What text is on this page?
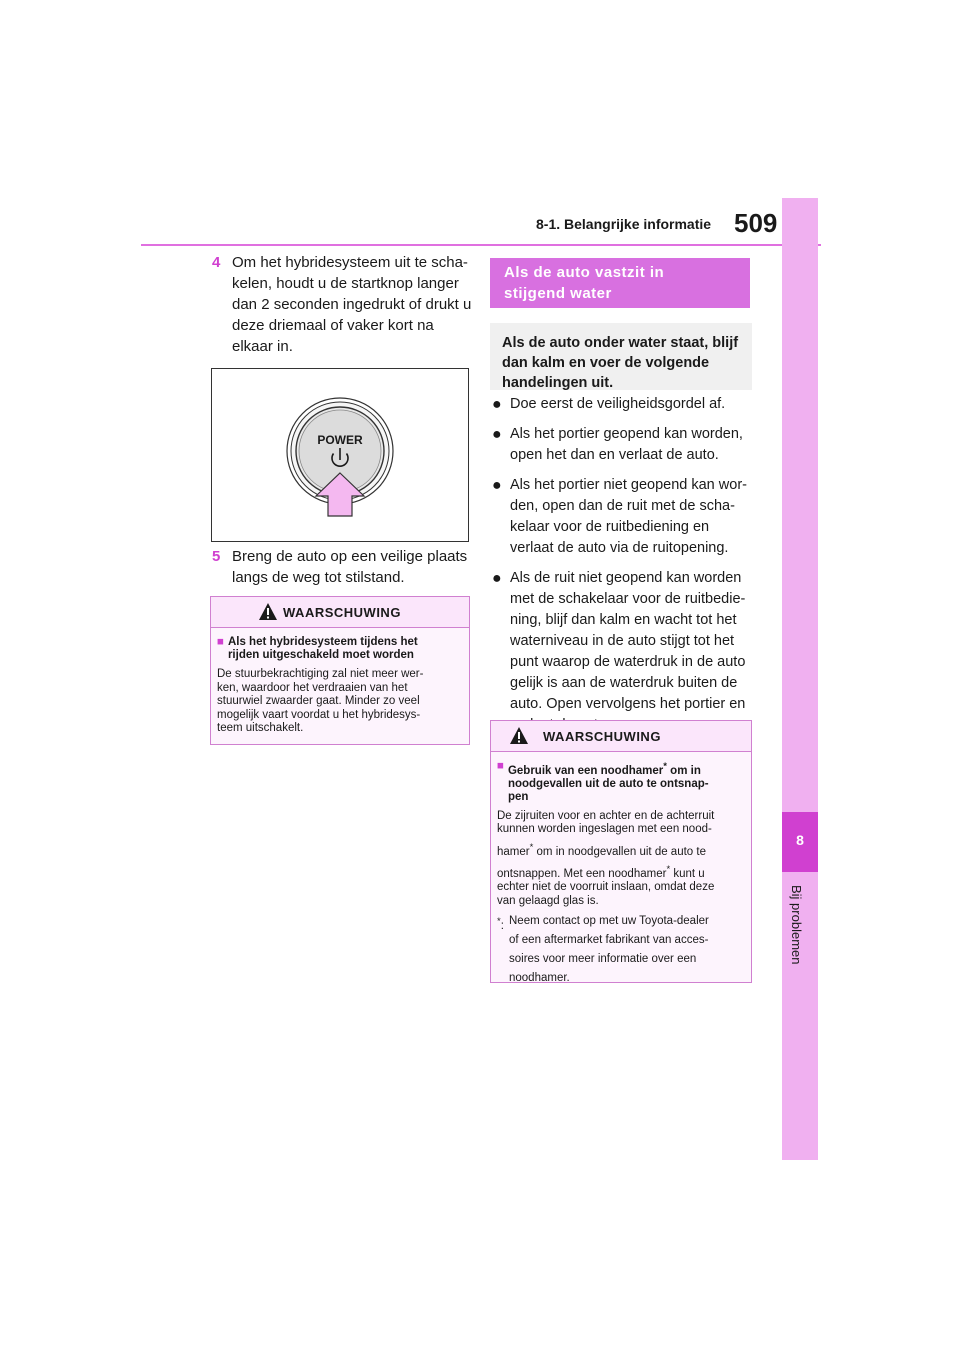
8-1. Belangrijke informatie 509
8
Bij problemen
4 Om het hybridesysteem uit te scha-
kelen, houdt u de startknop langer
dan 2 seconden ingedrukt of drukt u
deze driemaal of vaker kort na
elkaar in.
POWER
5 Breng de auto op een veilige plaats
langs de weg tot stilstand.
WAARSCHUWING
■ Als het hybridesysteem tijdens het
rijden uitgeschakeld moet worden
De stuurbekrachtiging zal niet meer wer-
ken, waardoor het verdraaien van het
stuurwiel zwaarder gaat. Minder zo veel
mogelijk vaart voordat u het hybridesys-
teem uitschakelt.
Als de auto vastzit in
stijgend water
Als de auto onder water staat, blijf
dan kalm en voer de volgende
handelingen uit.
● Doe eerst de veiligheidsgordel af.
● Als het portier geopend kan worden,
open het dan en verlaat de auto.
● Als het portier niet geopend kan wor-
den, open dan de ruit met de scha-
kelaar voor de ruitbediening en
verlaat de auto via de ruitopening.
● Als de ruit niet geopend kan worden
met de schakelaar voor de ruitbedie-
ning, blijf dan kalm en wacht tot het
waterniveau in de auto stijgt tot het
punt waarop de waterdruk in de auto
gelijk is aan de waterdruk buiten de
auto. Open vervolgens het portier en
WAARSCHUWING
■ Gebruik van een noodhamer* om in
noodgevallen uit de auto te ontsnap-
pen
De zijruiten voor en achter en de achterruit
kunnen worden ingeslagen met een nood-
hamer* om in noodgevallen uit de auto te
ontsnappen. Met een noodhamer* kunt u
echter niet de voorruit inslaan, omdat deze
van gelaagd glas is.
*: Neem contact op met uw Toyota-dealer
of een aftermarket fabrikant van acces-
soires voor meer informatie over een
noodhamer.
